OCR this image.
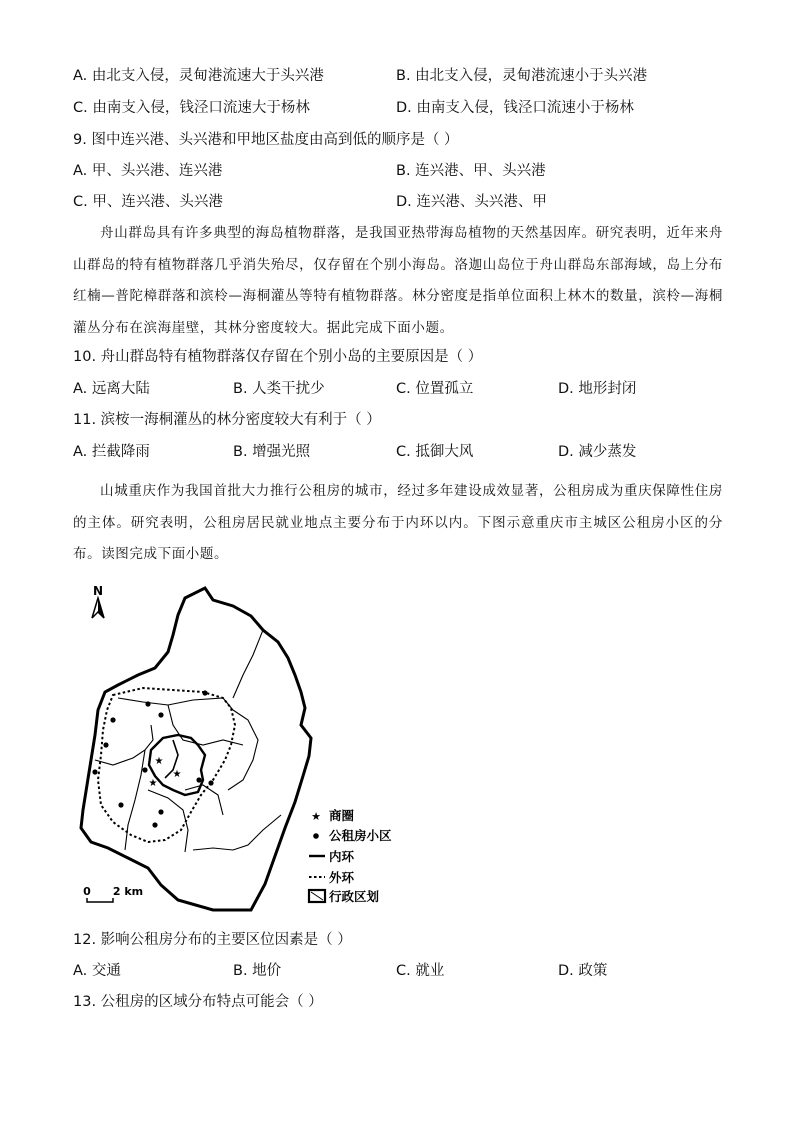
A. 由北支入侵，灵甸港流速大于头兴港	B. 由北支入侵，灵甸港流速小于头兴港
C. 由南支入侵，钱泾口流速大于杨林	D. 由南支入侵，钱泾口流速小于杨林
9. 图中连兴港、头兴港和甲地区盐度由高到低的顺序是（ ）
A. 甲、头兴港、连兴港	B. 连兴港、甲、头兴港
C. 甲、连兴港、头兴港	D. 连兴港、头兴港、甲
舟山群岛具有许多典型的海岛植物群落，是我国亚热带海岛植物的天然基因库。研究表明，近年来舟山群岛的特有植物群落几乎消失殆尽，仅存留在个别小海岛。洛迦山岛位于舟山群岛东部海域，岛上分布红楠—普陀樟群落和滨柃—海桐灌丛等特有植物群落。林分密度是指单位面积上林木的数量，滨柃—海桐灌丛分布在滨海崖壁，其林分密度较大。据此完成下面小题。
10. 舟山群岛特有植物群落仅存留在个别小岛的主要原因是（ ）
A. 远离大陆	B. 人类干扰少	C. 位置孤立	D. 地形封闭
11. 滨桉一海桐灌丛的林分密度较大有利于（ ）
A. 拦截降雨	B. 增强光照	C. 抵御大风	D. 减少蒸发
山城重庆作为我国首批大力推行公租房的城市，经过多年建设成效显著，公租房成为重庆保障性住房的主体。研究表明，公租房居民就业地点主要分布于内环以内。下图示意重庆市主城区公租房小区的分布。读图完成下面小题。
N
★
★
★
0 2 km
★ 商圈
公租房小区
内环
外环
行政区划
12. 影响公租房分布的主要区位因素是（ ）
A. 交通	B. 地价	C. 就业	D. 政策
13. 公租房的区域分布特点可能会（ ）
